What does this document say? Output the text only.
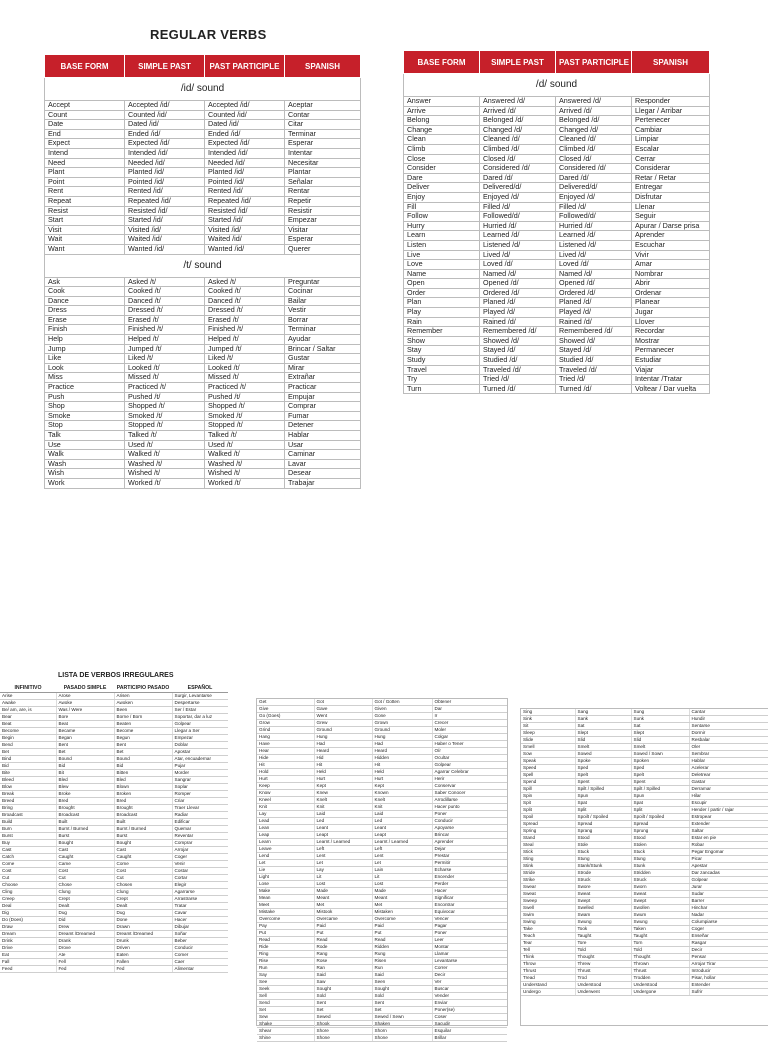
REGULAR VERBS
BASE FORM	SIMPLE PAST	PAST PARTICIPLE	SPANISH
/id/ sound			
Accept	Accepted /id/	Accepted /id/	Aceptar
Count	Counted /id/	Counted /id/	Contar
Date	Dated /id/	Dated /id/	Citar
End	Ended /id/	Ended /id/	Terminar
Expect	Expected /id/	Expected /id/	Esperar
Intend	Intended /id/	Intended /id/	Intentar
Need	Needed /id/	Needed /id/	Necesitar
Plant	Planted /id/	Planted /id/	Plantar
Point	Pointed /id/	Pointed /id/	Señalar
Rent	Rented /id/	Rented /id/	Rentar
Repeat	Repeated /id/	Repeated /id/	Repetir
Resist	Resisted /id/	Resisted /id/	Resistir
Start	Started /id/	Started /id/	Empezar
Visit	Visited /id/	Visited /id/	Visitar
Wait	Waited /id/	Waited /id/	Esperar
Want	Wanted /id/	Wanted /id/	Querer
/t/ sound			
Ask	Asked /t/	Asked /t/	Preguntar
Cook	Cooked /t/	Cooked /t/	Cocinar
Dance	Danced /t/	Danced /t/	Bailar
Dress	Dressed /t/	Dressed /t/	Vestir
Erase	Erased /t/	Erased /t/	Borrar
Finish	Finished /t/	Finished /t/	Terminar
Help	Helped /t/	Helped /t/	Ayudar
Jump	Jumped /t/	Jumped /t/	Brincar / Saltar
Like	Liked /t/	Liked /t/	Gustar
Look	Looked /t/	Looked /t/	Mirar
Miss	Missed /t/	Missed /t/	Extrañar
Practice	Practiced /t/	Practiced /t/	Practicar
Push	Pushed /t/	Pushed /t/	Empujar
Shop	Shopped /t/	Shopped /t/	Comprar
Smoke	Smoked /t/	Smoked /t/	Fumar
Stop	Stopped /t/	Stopped /t/	Detener
Talk	Talked /t/	Talked /t/	Hablar
Use	Used /t/	Used /t/	Usar
Walk	Walked /t/	Walked /t/	Caminar
Wash	Washed /t/	Washed /t/	Lavar
Wish	Wished /t/	Wished /t/	Desear
Work	Worked /t/	Worked /t/	Trabajar
BASE FORM	SIMPLE PAST	PAST PARTICIPLE	SPANISH
/d/ sound			
Answer	Answered /d/	Answered /d/	Responder
Arrive	Arrived /d/	Arrived /d/	Llegar / Arribar
Belong	Belonged /d/	Belonged /d/	Pertenecer
Change	Changed /d/	Changed /d/	Cambiar
Clean	Cleaned /d/	Cleaned /d/	Limpiar
Climb	Climbed /d/	Climbed /d/	Escalar
Close	Closed /d/	Closed /d/	Cerrar
Consider	Considered /d/	Considered /d/	Considerar
Dare	Dared /d/	Dared /d/	Retar / Retar
Deliver	Delivered/d/	Delivered/d/	Entregar
Enjoy	Enjoyed /d/	Enjoyed /d/	Disfrutar
Fill	Filled /d/	Filled /d/	Llenar
Follow	Followed/d/	Followed/d/	Seguir
Hurry	Hurried /d/	Hurried /d/	Apurar / Darse prisa
Learn	Learned /d/	Learned /d/	Aprender
Listen	Listened /d/	Listened /d/	Escuchar
Live	Lived /d/	Lived /d/	Vivir
Love	Loved /d/	Loved /d/	Amar
Name	Named /d/	Named /d/	Nombrar
Open	Opened /d/	Opened /d/	Abrir
Order	Ordered /d/	Ordered /d/	Ordenar
Plan	Planed /d/	Planed /d/	Planear
Play	Played /d/	Played /d/	Jugar
Rain	Rained /d/	Rained /d/	Llover
Remember	Remembered /d/	Remembered /d/	Recordar
Show	Showed /d/	Showed /d/	Mostrar
Stay	Stayed /d/	Stayed /d/	Permanecer
Study	Studied /d/	Studied /d/	Estudiar
Travel	Traveled /d/	Traveled /d/	Viajar
Try	Tried /d/	Tried /d/	Intentar /Tratar
Turn	Turned /d/	Turned /d/	Voltear / Dar vuelta
LISTA DE VERBOS IRREGULARES
INFINITIVO	PASADO SIMPLE	PARTICIPIO PASADO	ESPAÑOL
Arise	Arose	Arisen	Surgir, Levantarse
Awake	Awoke	Awoken	Despertarse
Be/ am, are, is	Was / Were	Been	Ser / Estar
Bear	Bore	Borne / Born	Soportar, dar a luz
Beat	Beat	Beaten	Golpear
Become	Became	Become	Llegar a Ser
Begin	Began	Begun	Empezar
Bend	Bent	Bent	Doblar
Bet	Bet	Bet	Apostar
Bind	Bound	Bound	Atar, encuadernar
Bid	Bid	Bid	Pujar
Bite	Bit	Bitten	Morder
Bleed	Bled	Bled	Sangrar
Blow	Blew	Blown	Soplar
Break	Broke	Broken	Romper
Breed	Bred	Bred	Criar
Bring	Brought	Brought	Traer Llevar
Broadcast	Broadcast	Broadcast	Radiar
Build	Built	Built	Edificar
Burn	Burnt / Burned	Burnt / Burned	Quemar
Burst	Burst	Burst	Reventar
Buy	Bought	Bought	Comprar
Cast	Cast	Cast	Arrojar
Catch	Caught	Caught	Coger
Come	Came	Come	Venir
Cost	Cost	Cost	Costar
Cut	Cut	Cut	Cortar
Choose	Chose	Chosen	Elegir
Cling	Clung	Clung	Agarrarse
Creep	Crept	Crept	Arrastrarse
Deal	Dealt	Dealt	Tratar
Dig	Dug	Dug	Cavar
Do (Does)	Did	Done	Hacer
Draw	Drew	Drawn	Dibujar
Dream	Dreamt /Dreamed	Dreamt /Dreamed	Soñar
Drink	Drank	Drunk	Beber
Drive	Drove	Driven	Conducir
Eat	Ate	Eaten	Comer
Fall	Fell	Fallen	Caer
Feed	Fed	Fed	Alimentar
Get	Got	Got / Gotten	Obtener
Give	Gave	Given	Dar
Go (Goes)	Went	Gone	Ir
Grow	Grew	Grown	Crecer
Grind	Ground	Ground	Moler
Hang	Hung	Hung	Colgar
Have	Had	Had	Haber o Tener
Hear	Heard	Heard	Oír
Hide	Hid	Hidden	Ocultar
Hit	Hit	Hit	Golpear
Hold	Held	Held	Agarrar Celebrar
Hurt	Hurt	Hurt	Herir
Keep	Kept	Kept	Conservar
Know	Knew	Known	Saber Conocer
Kneel	Knelt	Knelt	Arrodillarse
Knit	Knit	Knit	Hacer punto
Lay	Laid	Laid	Poner
Lead	Led	Led	Conducir
Lean	Leant	Leant	Apoyarse
Leap	Leapt	Leapt	Brincar
Learn	Learnt / Learned	Learnt / Learned	Aprender
Leave	Left	Left	Dejar
Lend	Lent	Lent	Prestar
Let	Let	Let	Permitir
Lie	Lay	Lain	Echarse
Light	Lit	Lit	Encender
Lose	Lost	Lost	Perder
Make	Made	Made	Hacer
Mean	Meant	Meant	Significar
Meet	Met	Met	Encontrar
Mistake	Mistook	Mistaken	Equivocar
Overcome	Overcame	Overcome	Vencer
Pay	Paid	Paid	Pagar
Put	Put	Put	Poner
Read	Read	Read	Leer
Ride	Rode	Ridden	Montar
Ring	Rang	Rung	Llamar
Rise	Rose	Risen	Levantarse
Run	Ran	Run	Correr
Say	Said	Said	Decir
See	Saw	Seen	Ver
Seek	Sought	Sought	Buscar
Sell	Sold	Sold	Vender
Send	Sent	Sent	Enviar
Set	Set	Set	Poner(se)
Sew	Sewed	Sewed / Sewn	Coser
Shake	Shook	Shaken	Sacudir
Shear	Shore	Shorn	Esquilar
Shine	Shone	Shone	Brillar
Sing	Sang	Sung	Cantar
Sink	Sank	Sunk	Hundir
Sit	Sat	Sat	Sentarse
Sleep	Slept	Slept	Dormir
Slide	Slid	Slid	Resbalar
Smell	Smelt	Smelt	Oler
Sow	Sowed	Sowed / Sown	Sembrar
Speak	Spoke	Spoken	Hablar
Speed	Sped	Sped	Acelerar
Spell	Spelt	Spelt	Deletrear
Spend	Spent	Spent	Gastar
Spill	Spilt / Spilled	Spilt / Spilled	Derramar
Spin	Spun	Spun	Hilar
Spit	Spat	Spat	Escupir
Split	Split	Split	Hender / partir / rajar
Spoil	Spoilt / Spoiled	Spoilt / Spoiled	Estropear
Spread	Spread	Spread	Extender
Spring	Sprang	Sprung	Saltar
Stand	Stood	Stood	Estar en pie
Steal	Stole	Stolen	Robar
Stick	Stuck	Stuck	Pegar Engomar
Sting	Stung	Stung	Picar
Stink	Stank/Stunk	Stunk	Apestar
Stride	Strode	Stridden	Dar zancadas
Strike	Struck	Struck	Golpear
Swear	Swore	Sworn	Jurar
Sweat	Sweat	Sweat	Sudar
Sweep	Swept	Swept	Barrer
Swell	Swelled	Swollen	Hinchar
Swim	Swam	Swum	Nadar
Swing	Swung	Swung	Columpiarse
Take	Took	Taken	Coger
Teach	Taught	Taught	Enseñar
Tear	Tore	Torn	Rasgar
Tell	Told	Told	Decir
Think	Thought	Thought	Pensar
Throw	Threw	Thrown	Arrojar Tirar
Thrust	Thrust	Thrust	Introducir
Tread	Trod	Trodden	Pisar, hollar
Understand	Understood	Understood	Entender
Undergo	Underwent	Undergone	Sufrir
